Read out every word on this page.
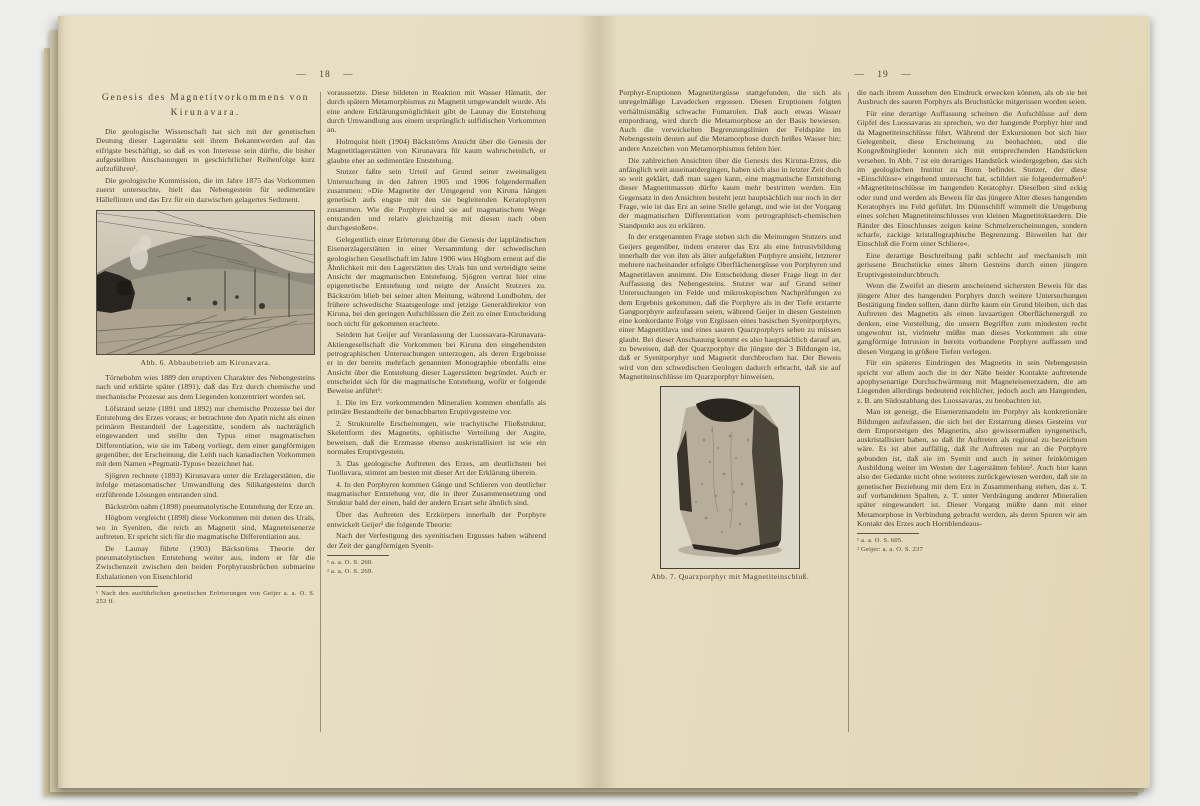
— 18 —	— 19 —
Genesis des Magnetitvorkommens von
Kirunavara.

Die geologische Wissenschaft hat sich mit der genetischen Deutung dieser Lagerstätte seit ihrem Bekanntwerden auf das eifrigste beschäftigt, so daß es von Interesse sein dürfte, die bisher aufgestellten Anschauungen in geschichtlicher Reihenfolge kurz aufzuführen¹.

Die geologische Kommission, die im Jahre 1875 das Vorkommen zuerst untersuchte, hielt das Nebengestein für sedimentäre Hälleflinten und das Erz für ein dazwischen gelagertes Sediment.

Abb. 6. Abbaubetrieb am Kirunavara.

Törnebohm wies 1889 den eruptiven Charakter des Nebengesteins nach und erklärte später (1891), daß das Erz durch chemische und mechanische Prozesse aus dem Liegenden konzentriert worden sei.

Löfstrand setzte (1891 und 1892) nur chemische Prozesse bei der Entstehung des Erzes voraus; er betrachtete den Apatit nicht als einen primären Bestandteil der Lagerstätte, sondern als nachträglich eingewandert und stellte den Typus einer magmatischen Differentiation, wie sie im Taberg vorliegt, dem einer gangförmigen gegenüber, der Erscheinung, die Leith nach kanadischen Vorkommen mit dem Namen »Pegmatit-Typus« bezeichnet hat.

Sjögren rechnete (1893) Kirunavara unter die Erzlagerstätten, die infolge metasomatischer Umwandlung des Silikatgesteins durch erzführende Lösungen entstanden sind.

Bäckström nahm (1898) pneumatolytische Entstehung der Erze an.

Högbom vergleicht (1898) diese Vorkommen mit denen des Urals, wo in Syeniten, die reich an Magnetit sind, Magneteisenerze auftreten. Er spricht sich für die magmatische Differentiation aus.

De Launay führte (1903) Bäckströms Theorie der pneumatolytischen Entstehung weiter aus, indem er für die Zwischenzeit zwischen den beiden Porphyrausbrüchen submarine Exhalationen von Eisenchlorid

¹ Nach den ausführlichen genetischen Erörterungen von Geijer a. a. O. S. 253 ff.

voraussetzte. Diese bildeten in Reaktion mit Wasser Hämatit, der durch spätern Metamorphismus zu Magnetit umgewandelt wurde. Als eine andere Erklärungsmöglichkeit gibt de Launay die Entstehung durch Umwandlung aus einem ursprünglich sulfidischen Vorkommen an.

Holmquist hielt (1904) Bäckströms Ansicht über die Genesis der Magnetitlagerstätten von Kirunavara für kaum wahrscheinlich, er glaubte eher an sedimentäre Entstehung.

Stutzer faßte sein Urteil auf Grund seiner zweimaligen Untersuchung in den Jahren 1905 und 1906 folgendermaßen zusammen: »Die Magnetite der Umgegend von Kiruna hängen genetisch aufs engste mit den sie begleitenden Keratophyren zusammen. Wie die Porphyre sind sie auf magmatischem Wege entstanden und relativ gleichzeitig mit diesen nach oben durchgestoßen«.

Gelegentlich einer Erörterung über die Genesis der lappländischen Eisenerzlagerstätten in einer Versammlung der schwedischen geologischen Gesellschaft im Jahre 1906 wies Högbom erneut auf die Ähnlichkeit mit den Lagerstätten des Urals hin und verteidigte seine Ansicht der magmatischen Entstehung. Sjögren vertrat hier eine epigenetische Entstehung und neigte der Ansicht Stutzers zu. Bäckström blieb bei seiner alten Meinung, während Lundbohm, der frühere schwedische Staatsgeologe und jetzige Generaldirektor von Kiruna, bei den geringen Aufschlüssen die Zeit zu einer Entscheidung noch nicht für gekommen erachtete.

Seitdem hat Geijer auf Veranlassung der Luossavara-Kirunavara-Aktiengesellschaft die Vorkommen bei Kiruna den eingehendsten petrographischen Untersuchungen unterzogen, als deren Ergebnisse er in der bereits mehrfach genannten Monographie ebenfalls eine Ansicht über die Entstehung dieser Lagerstätten begründet. Auch er entscheidet sich für die magmatische Entstehung, wofür er folgende Beweise anführt¹:

1. Die im Erz vorkommenden Mineralien kommen ebenfalls als primäre Bestandteile der benachbarten Eruptivgesteine vor.

2. Strukturelle Erscheinungen, wie trachytische Fließstruktur, Skelettform des Magnetits, ophitische Verteilung der Augite, beweisen, daß die Erzmasse ebenso auskristallisiert ist wie ein normales Eruptivgestein.

3. Das geologische Auftreten des Erzes, am deutlichsten bei Tuolluvara, stimmt am besten mit dieser Art der Erklärung überein.

4. In den Porphyren kommen Gänge und Schlieren von deutlicher magmatischer Entstehung vor, die in ihrer Zusammensetzung und Struktur bald der einen, bald der andern Erzart sehr ähnlich sind.

Über das Auftreten des Erzkörpers innerhalb der Porphyre entwickelt Geijer² die folgende Theorie:

Nach der Verfestigung des syenitischen Ergusses haben während der Zeit der gangförmigen Syenit-

¹ a. a. O. S. 260.

² a. a. O. S. 269.

Porphyr-Eruptionen Magnetitergüsse stattgefunden, die sich als unregelmäßige Lavadecken ergossen. Diesen Eruptionen folgten verhältnismäßig schwache Fumarolen. Daß auch etwas Wasser empordrang, wird durch die Metamorphose an der Basis bewiesen. Auch die verwickelten Begrenzungslinien der Feldspäte im Nebengestein deuten auf die Metamorphose durch heißes Wasser hin; andere Anzeichen von Metamorphismus fehlen hier.

Die zahlreichen Ansichten über die Genesis des Kiruna-Erzes, die anfänglich weit auseinandergingen, haben sich also in letzter Zeit doch so weit geklärt, daß man sagen kann, eine magmatische Entstehung dieser Magnetitmassen dürfte kaum mehr bestritten werden. Ein Gegensatz in den Ansichten besteht jetzt hauptsächlich nur noch in der Frage, wie ist das Erz an seine Stelle gelangt, und wie ist der Vorgang der magmatischen Differentiation vom petrographisch-chemischen Standpunkt aus zu erklären.

In der erstgenannten Frage stehen sich die Meinungen Stutzers und Geijers gegenüber, indem ersterer das Erz als eine Intrusivbildung innerhalb der von ihm als älter aufgefaßten Porphyre ansieht, letzterer mehrere nacheinander erfolgte Oberflächenergüsse von Porphyren und Magnetitlaven annimmt. Die Entscheidung dieser Frage liegt in der Auffassung des Nebengesteins. Stutzer war auf Grund seiner Untersuchungen im Felde und mikroskopischen Nachprüfungen zu dem Ergebnis gekommen, daß die Porphyre als in der Tiefe erstarrte Gangporphyre aufzufassen seien, während Geijer in diesen Gesteinen eine konkordante Folge von Ergüssen eines basischen Syenitporphyrs, einer Magnetitlava und eines sauren Quarzporphyrs sehen zu müssen glaubt. Bei dieser Anschauung kommt es also hauptsächlich darauf an, zu beweisen, daß der Quarzporphyr die jüngste der 3 Bildungen ist, daß er Syenitporphyr und Magnetit durchbrochen hat. Der Beweis wird von den schwedischen Geologen dadurch erbracht, daß sie auf Magnetiteinschlüsse im Quarzporphyr hinweisen,

Abb. 7. Quarzporphyr mit Magnetiteinschluß.

die nach ihrem Aussehen den Eindruck erwecken können, als ob sie bei Ausbruch des sauren Porphyrs als Bruchstücke mitgerissen worden seien.

Für eine derartige Auffassung scheinen die Aufschlüsse auf dem Gipfel des Luossavaras zu sprechen, wo der hangende Porphyr hier und da Magnetiteinschlüsse führt. Während der Exkursionen bot sich hier Gelegenheit, diese Erscheinung zu beobachten, und die Kongreßmitglieder konnten sich mit entsprechenden Handstücken versehen. In Abb. 7 ist ein derartiges Handstück wiedergegeben, das sich im geologischen Institut zu Bonn befindet. Stutzer, der diese »Einschlüsse« eingehend untersucht hat, schildert sie folgendermaßen¹: »Magnetiteinschlüsse im hangenden Keratophyr. Dieselben sind eckig oder rund und werden als Beweis für das jüngere Alter dieses hangenden Keratophyrs ins Feld geführt. Im Dünnschliff wimmelt die Umgebung eines solchen Magnetiteinschlusses von kleinen Magnetitoktaedern. Die Ränder des Einschlusses zeigen keine Schmelzerscheinungen, sondern scharfe, zackige kristallographische Begrenzung. Bisweilen hat der Einschluß die Form einer Schliere«.

Eine derartige Beschreibung paßt schlecht auf mechanisch mit gerissene Bruchstücke eines ältern Gesteins durch einen jüngern Eruptivgesteindurchbruch.

Wenn die Zweifel an diesem anscheinend sichersten Beweis für das jüngere Alter des hangenden Porphyrs durch weitere Untersuchungen Bestätigung finden sollten, dann dürfte kaum ein Grund bleiben, sich das Auftreten des Magnetits als einen lavaartigen Oberflächenerguß zu denken, eine Vorstellung, die unsern Begriffen zum mindesten recht ungewohnt ist, vielmehr müßte man dieses Vorkommen als eine gangförmige Intrusion in bereits vorhandene Porphyre auffassen und diesen Vorgang in größere Tiefen verlegen.

Für ein späteres Eindringen des Magnetits in sein Nebengestein spricht vor allem auch die in der Nähe beider Kontakte auftretende apophysenartige Durchschwärmung mit Magneteisenerzadern, die am Liegenden allerdings bedeutend reichlicher, jedoch auch am Hangenden, z. B. am Südostabhang des Luossavaras, zu beobachten ist.

Man ist geneigt, die Eisenerzmandeln im Porphyr als konkretionäre Bildungen aufzufassen, die sich bei der Erstarrung dieses Gesteins vor dem Emporsteigen des Magnetits, also gewissermaßen syngenetisch, auskristallisiert haben, so daß ihr Auftreten als regional zu bezeichnen wäre. Es ist aber auffällig, daß ihr Auftreten nur an die Porphyre gebunden ist, daß sie im Syenit und auch in seiner feinkörnigen Ausbildung weiter im Westen der Lagerstätten fehlen². Auch hier kann also der Gedanke nicht ohne weiteres zurückgewiesen werden, daß sie in genetischer Beziehung mit dem Erz in Zusammenhang stehen, das z. T. auf vorhandenen Spalten, z. T. unter Verdrängung anderer Mineralien später eingewandert ist. Dieser Vorgang müßte dann mit einer Metamorphose in Verbindung gebracht werden, als deren Spuren wir am Kontakt des Erzes auch Hornblendeaus-

¹ a. a. O. S. 605.

² Geijer: a. a. O. S. 237
